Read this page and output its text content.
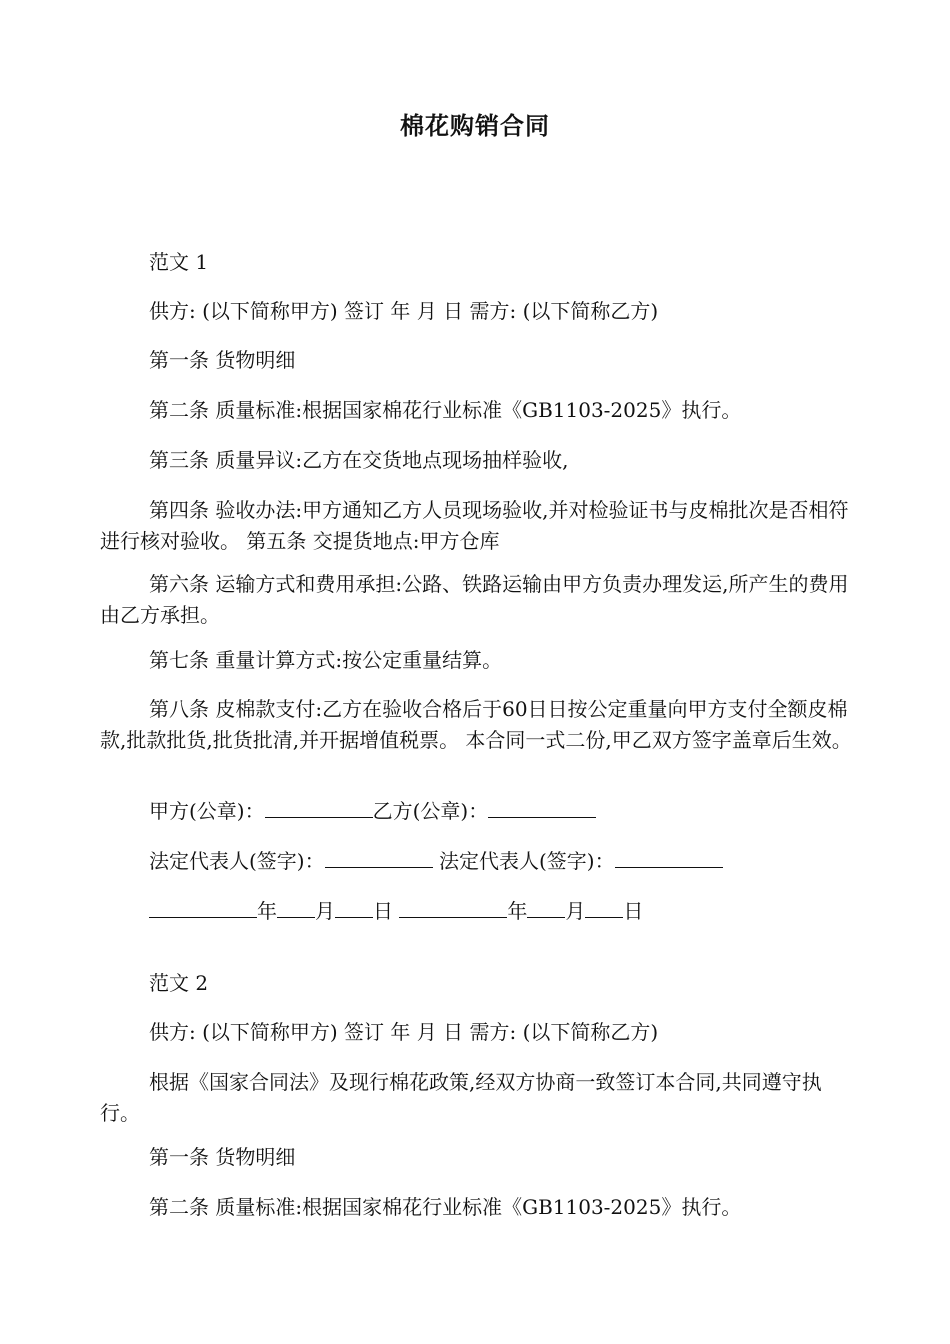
棉花购销合同
范文 1
供方: (以下简称甲方) 签订 年 月 日 需方: (以下简称乙方)
第一条 货物明细
第二条 质量标准:根据国家棉花行业标准《GB1103-2025》执行。
第三条 质量异议:乙方在交货地点现场抽样验收,
第四条 验收办法:甲方通知乙方人员现场验收,并对检验证书与皮棉批次是否相符进行核对验收。 第五条 交提货地点:甲方仓库
第六条 运输方式和费用承担:公路、铁路运输由甲方负责办理发运,所产生的费用由乙方承担。
第七条 重量计算方式:按公定重量结算。
第八条 皮棉款支付:乙方在验收合格后于60日日按公定重量向甲方支付全额皮棉款,批款批货,批货批清,并开据增值税票。 本合同一式二份,甲乙双方签字盖章后生效。
甲方(公章)：	乙方(公章)：
法定代表人(签字)：	法定代表人(签字)：
年 月 日	年 月 日
范文 2
供方: (以下简称甲方) 签订 年 月 日 需方: (以下简称乙方)
根据《国家合同法》及现行棉花政策,经双方协商一致签订本合同,共同遵守执行。
第一条 货物明细
第二条 质量标准:根据国家棉花行业标准《GB1103-2025》执行。
